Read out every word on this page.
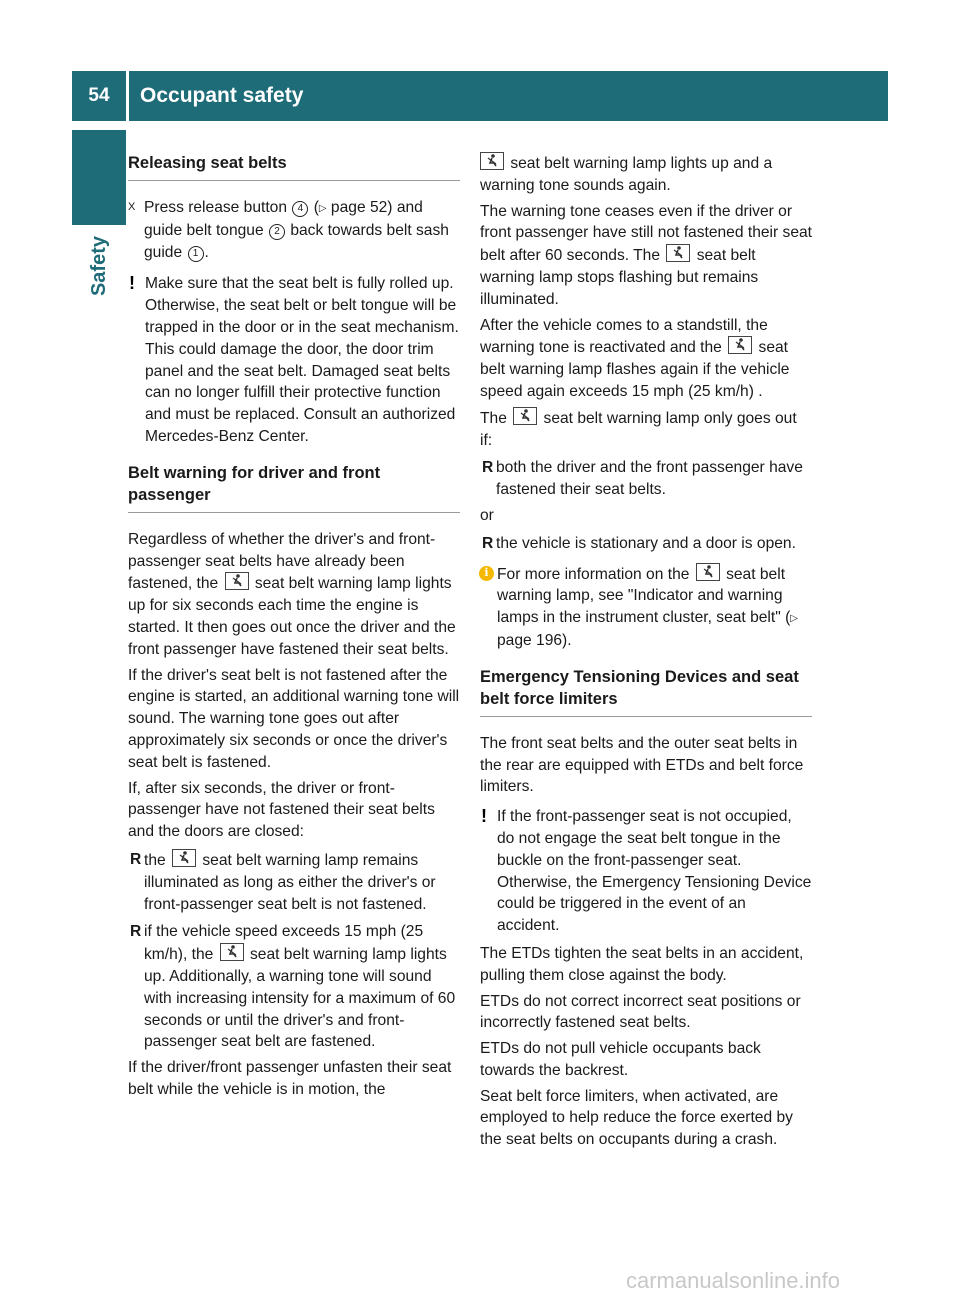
54	Occupant safety
Safety
Releasing seat belts
X Press release button 4 (▷ page 52) and guide belt tongue 2 back towards belt sash guide 1 .
! Make sure that the seat belt is fully rolled up. Otherwise, the seat belt or belt tongue will be trapped in the door or in the seat mechanism. This could damage the door, the door trim panel and the seat belt. Damaged seat belts can no longer fulfill their protective function and must be replaced. Consult an authorized Mercedes-Benz Center.
Belt warning for driver and front passenger

Regardless of whether the driver's and front-passenger seat belts have already been fastened, the
seat belt warning lamp lights up for six seconds each time the engine is started. It then goes out once the driver and the front passenger have fastened their seat belts.

If the driver's seat belt is not fastened after the engine is started, an additional warning tone will sound. The warning tone goes out after approximately six seconds or once the driver's seat belt is fastened.

If, after six seconds, the driver or front-passenger have not fastened their seat belts and the doors are closed:

R the
seat belt warning lamp remains illuminated as long as either the driver's or front-passenger seat belt is not fastened.
R if the vehicle speed exceeds 15 mph (25 km/h), the
seat belt warning lamp lights up. Additionally, a warning tone will sound with increasing intensity for a maximum of 60 seconds or until the driver's and front-passenger seat belt are fastened.

If the driver/front passenger unfasten their seat belt while the vehicle is in motion, the

seat belt warning lamp lights up and a warning tone sounds again.

The warning tone ceases even if the driver or front passenger have still not fastened their seat belt after 60 seconds. The
seat belt warning lamp stops flashing but remains illuminated.

After the vehicle comes to a standstill, the warning tone is reactivated and the
seat belt warning lamp flashes again if the vehicle speed again exceeds 15 mph (25 km/h) .

The
seat belt warning lamp only goes out if:

R both the driver and the front passenger have fastened their seat belts.

or

R the vehicle is stationary and a door is open.
i For more information on the
seat belt warning lamp, see "Indicator and warning lamps in the instrument cluster, seat belt" (▷ page 196).
Emergency Tensioning Devices and seat belt force limiters

The front seat belts and the outer seat belts in the rear are equipped with ETDs and belt force limiters.

! If the front-passenger seat is not occupied, do not engage the seat belt tongue in the buckle on the front-passenger seat. Otherwise, the Emergency Tensioning Device could be triggered in the event of an accident.

The ETDs tighten the seat belts in an accident, pulling them close against the body.

ETDs do not correct incorrect seat positions or incorrectly fastened seat belts.

ETDs do not pull vehicle occupants back towards the backrest.

Seat belt force limiters, when activated, are employed to help reduce the force exerted by the seat belts on occupants during a crash.

carmanualsonline.info
